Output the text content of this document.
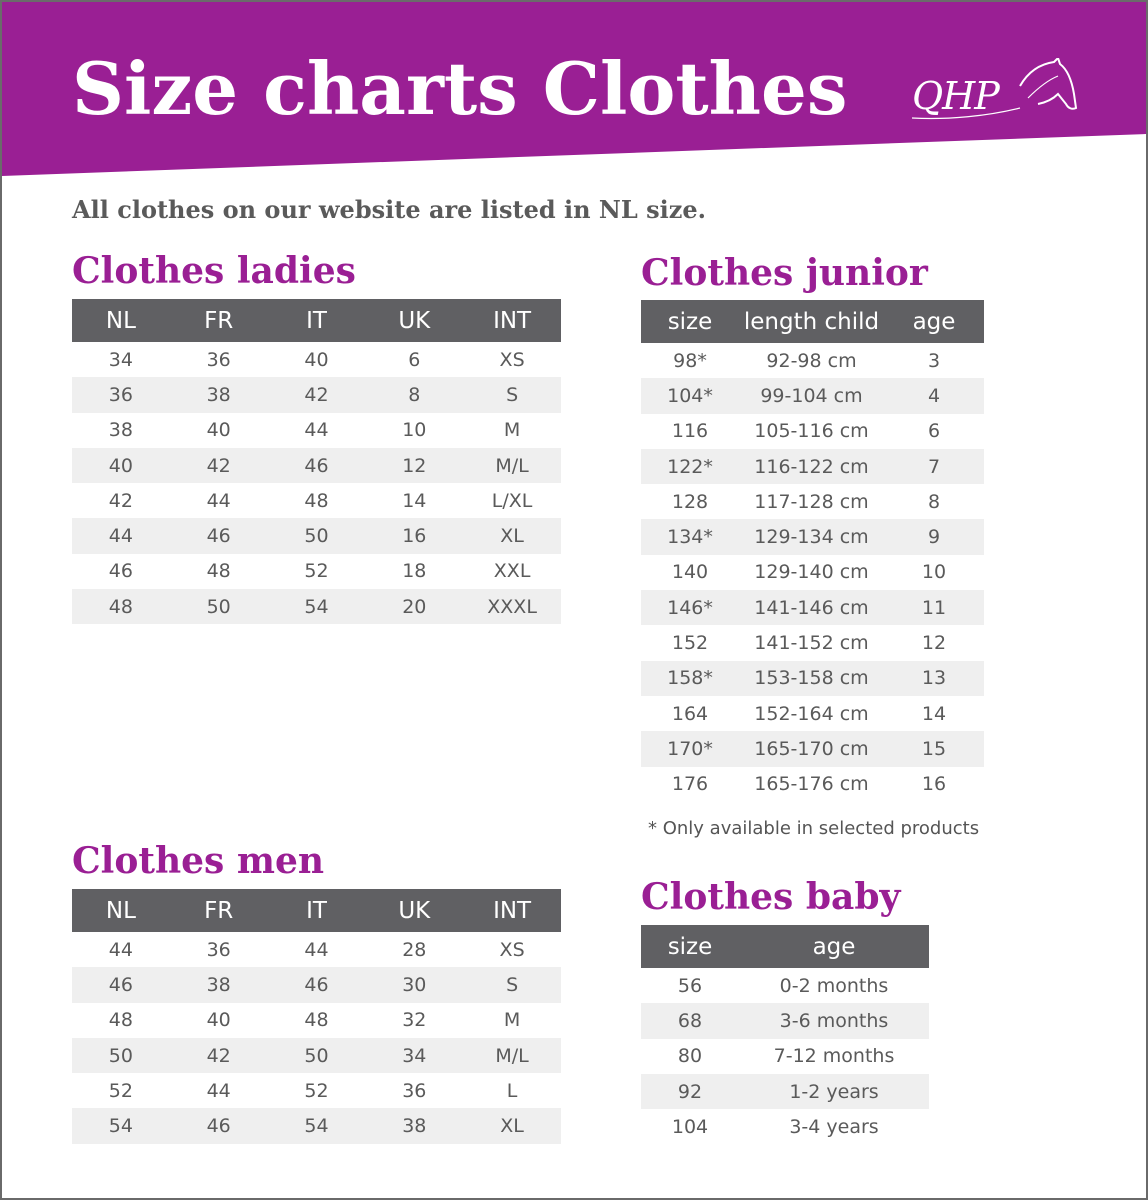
Size charts Clothes QHP

All clothes on our website are listed in NL size.

Clothes ladies
NL	FR	IT	UK	INT
34	36	40	6	XS
36	38	42	8	S
38	40	44	10	M
40	42	46	12	M/L
42	44	48	14	L/XL
44	46	50	16	XL
46	48	52	18	XXL
48	50	54	20	XXXL
Clothes men
NL	FR	IT	UK	INT
44	36	44	28	XS
46	38	46	30	S
48	40	48	32	M
50	42	50	34	M/L
52	44	52	36	L
54	46	54	38	XL
Clothes junior
size	length child	age
98*	92-98 cm	3
104*	99-104 cm	4
116	105-116 cm	6
122*	116-122 cm	7
128	117-128 cm	8
134*	129-134 cm	9
140	129-140 cm	10
146*	141-146 cm	11
152	141-152 cm	12
158*	153-158 cm	13
164	152-164 cm	14
170*	165-170 cm	15
176	165-176 cm	16

* Only available in selected products

Clothes baby
size	age
56	0-2 months
68	3-6 months
80	7-12 months
92	1-2 years
104	3-4 years
